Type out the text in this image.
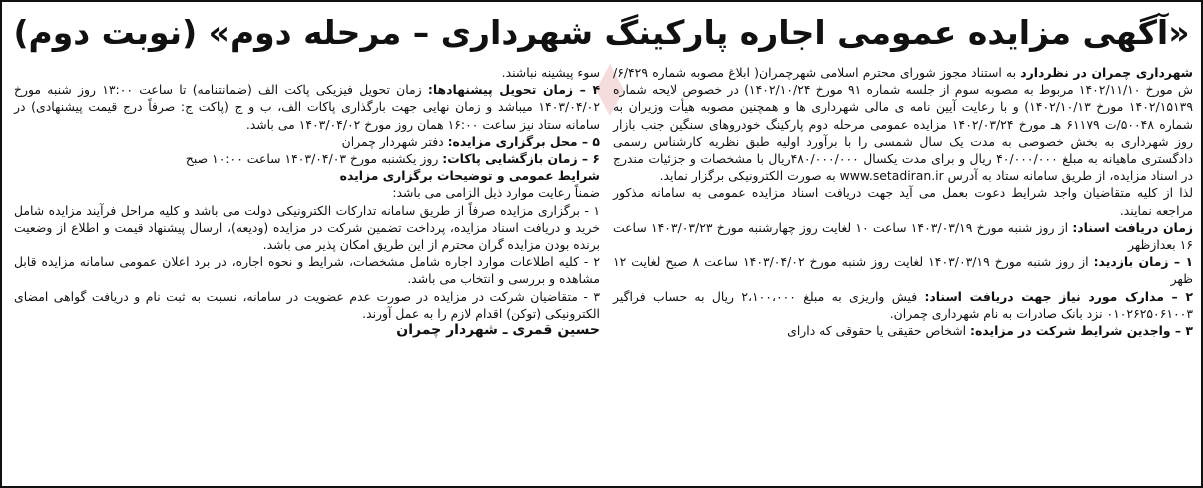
«آگهی مزایده عمومی اجاره پارکینگ شهرداری – مرحله دوم» (نوبت دوم)

شهرداری چمران در نظردارد به استناد مجوز شورای محترم اسلامی شهرچمران( ابلاغ مصوبه شماره ۶/۴۲۹/ش مورخ ۱۴۰۲/۱۱/۱۰ مربوط به مصوبه سوم از جلسه شماره ۹۱ مورخ ۱۴۰۲/۱۰/۲۴) در خصوص لایحه شماره ۱۴۰۲/۱۵۱۳۹ مورخ ۱۴۰۲/۱۰/۱۳) و با رعایت آیین نامه ی مالی شهرداری ها و همچنین مصوبه هیأت وزیران به شماره ۵۰۰۴۸/ت ۶۱۱۷۹ هـ مورخ ۱۴۰۲/۰۳/۲۴ مزایده عمومی مرحله دوم پارکینگ خودروهای سنگین جنب بازار روز شهرداری به بخش خصوصی به مدت یک سال شمسی را با برآورد اولیه طبق نظریه کارشناس رسمی دادگستری ماهیانه به مبلغ ۴۰/۰۰۰/۰۰۰ ریال و برای مدت یکسال ۴۸۰/۰۰۰/۰۰۰ریال با مشخصات و جزئیات مندرج در اسناد مزایده، از طریق سامانه ستاد به آدرس www.setadiran.ir به صورت الکترونیکی برگزار نماید.

لذا از کلیه متقاضیان واجد شرایط دعوت بعمل می آید جهت دریافت اسناد مزایده عمومی به سامانه مذکور مراجعه نمایند.

زمان دریافت اسناد: از روز شنبه مورخ ۱۴۰۳/۰۳/۱۹ ساعت ۱۰ لغایت روز چهارشنبه مورخ ۱۴۰۳/۰۳/۲۳ ساعت ۱۶ بعدازظهر

۱ – زمان بازدید: از روز شنبه مورخ ۱۴۰۳/۰۳/۱۹ لغایت روز شنبه مورخ ۱۴۰۳/۰۴/۰۲ ساعت ۸ صبح لغایت ۱۲ ظهر

۲ – مدارک مورد نیاز جهت دریافت اسناد: فیش واریزی به مبلغ ۲،۱۰۰،۰۰۰ ریال به حساب فراگیر ۰۱۰۲۶۲۵۰۶۱۰۰۳ نزد بانک صادرات به نام شهرداری چمران.

۳ – واجدین شرایط شرکت در مزایده: اشخاص حقیقی یا حقوقی که دارای

سوء پیشینه نباشند.

۴ – زمان تحویل پیشنهادها: زمان تحویل فیزیکی پاکت الف (ضمانتنامه) تا ساعت ۱۳:۰۰ روز شنبه مورخ ۱۴۰۳/۰۴/۰۲ میباشد و زمان نهایی جهت بارگذاری پاکات الف، ب و ج (پاکت ج: صرفاً درج قیمت پیشنهادی) در سامانه ستاد نیز ساعت ۱۶:۰۰ همان روز مورخ ۱۴۰۳/۰۴/۰۲ می باشد.

۵ – محل برگزاری مزایده: دفتر شهردار چمران

۶ – زمان بازگشایی پاکات: روز یکشنبه مورخ ۱۴۰۳/۰۴/۰۳ ساعت ۱۰:۰۰ صبح

شرایط عمومی و توضیحات برگزاری مزایده

ضمناً رعایت موارد ذیل الزامی می باشد:

۱ - برگزاری مزایده صرفاً از طریق سامانه تدارکات الکترونیکی دولت می باشد و کلیه مراحل فرآیند مزایده شامل خرید و دریافت اسناد مزایده، پرداخت تضمین شرکت در مزایده (ودیعه)، ارسال پیشنهاد قیمت و اطلاع از وضعیت برنده بودن مزایده گران محترم از این طریق امکان پذیر می باشد.

۲ - کلیه اطلاعات موارد اجاره شامل مشخصات، شرایط و نحوه اجاره، در برد اعلان عمومی سامانه مزایده قابل مشاهده و بررسی و انتخاب می باشد.

۳ - متقاضیان شرکت در مزایده در صورت عدم عضویت در سامانه، نسبت به ثبت نام و دریافت گواهی امضای الکترونیکی (توکن) اقدام لازم را به عمل آورند.

حسین قمری ـ شهردار چمران
